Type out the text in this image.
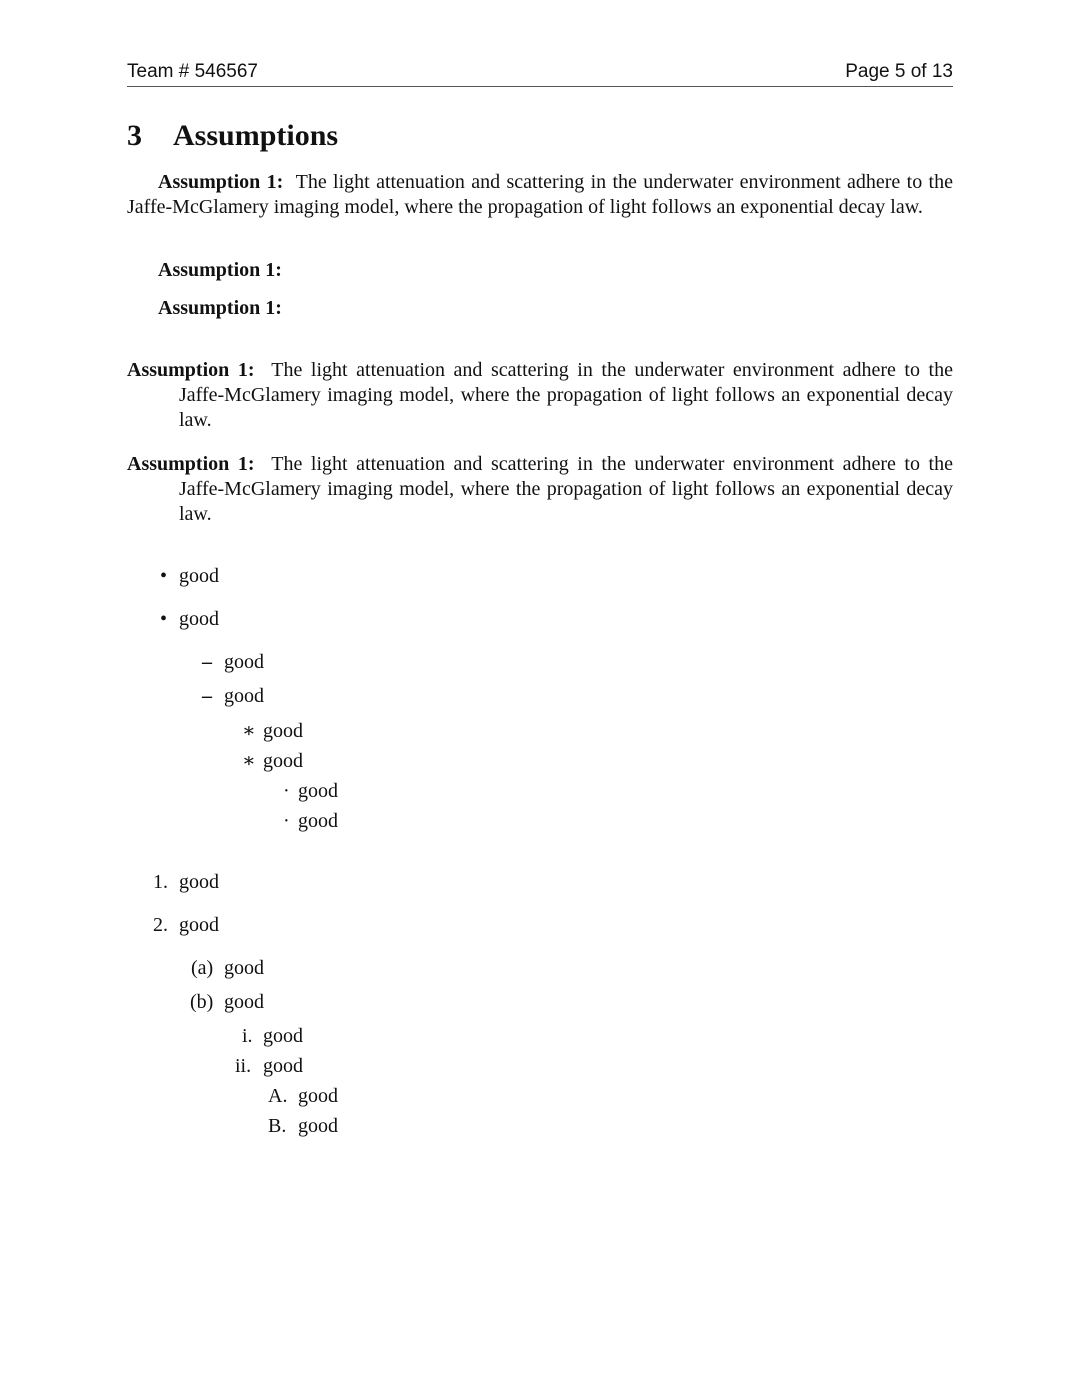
Team # 546567	Page 5 of 13
3 Assumptions
Assumption 1: The light attenuation and scattering in the underwater environment adhere to the Jaffe-McGlamery imaging model, where the propagation of light follows an exponential decay law.
Assumption 1:
Assumption 1:
Assumption 1: The light attenuation and scattering in the underwater environment adhere to the Jaffe-McGlamery imaging model, where the propagation of light follows an exponential decay law.
Assumption 1: The light attenuation and scattering in the underwater environment adhere to the Jaffe-McGlamery imaging model, where the propagation of light follows an exponential decay law.
• good
• good
– good
– good
∗ good
∗ good
· good
· good
1. good
2. good
(a) good
(b) good
i. good
ii. good
A. good
B. good
